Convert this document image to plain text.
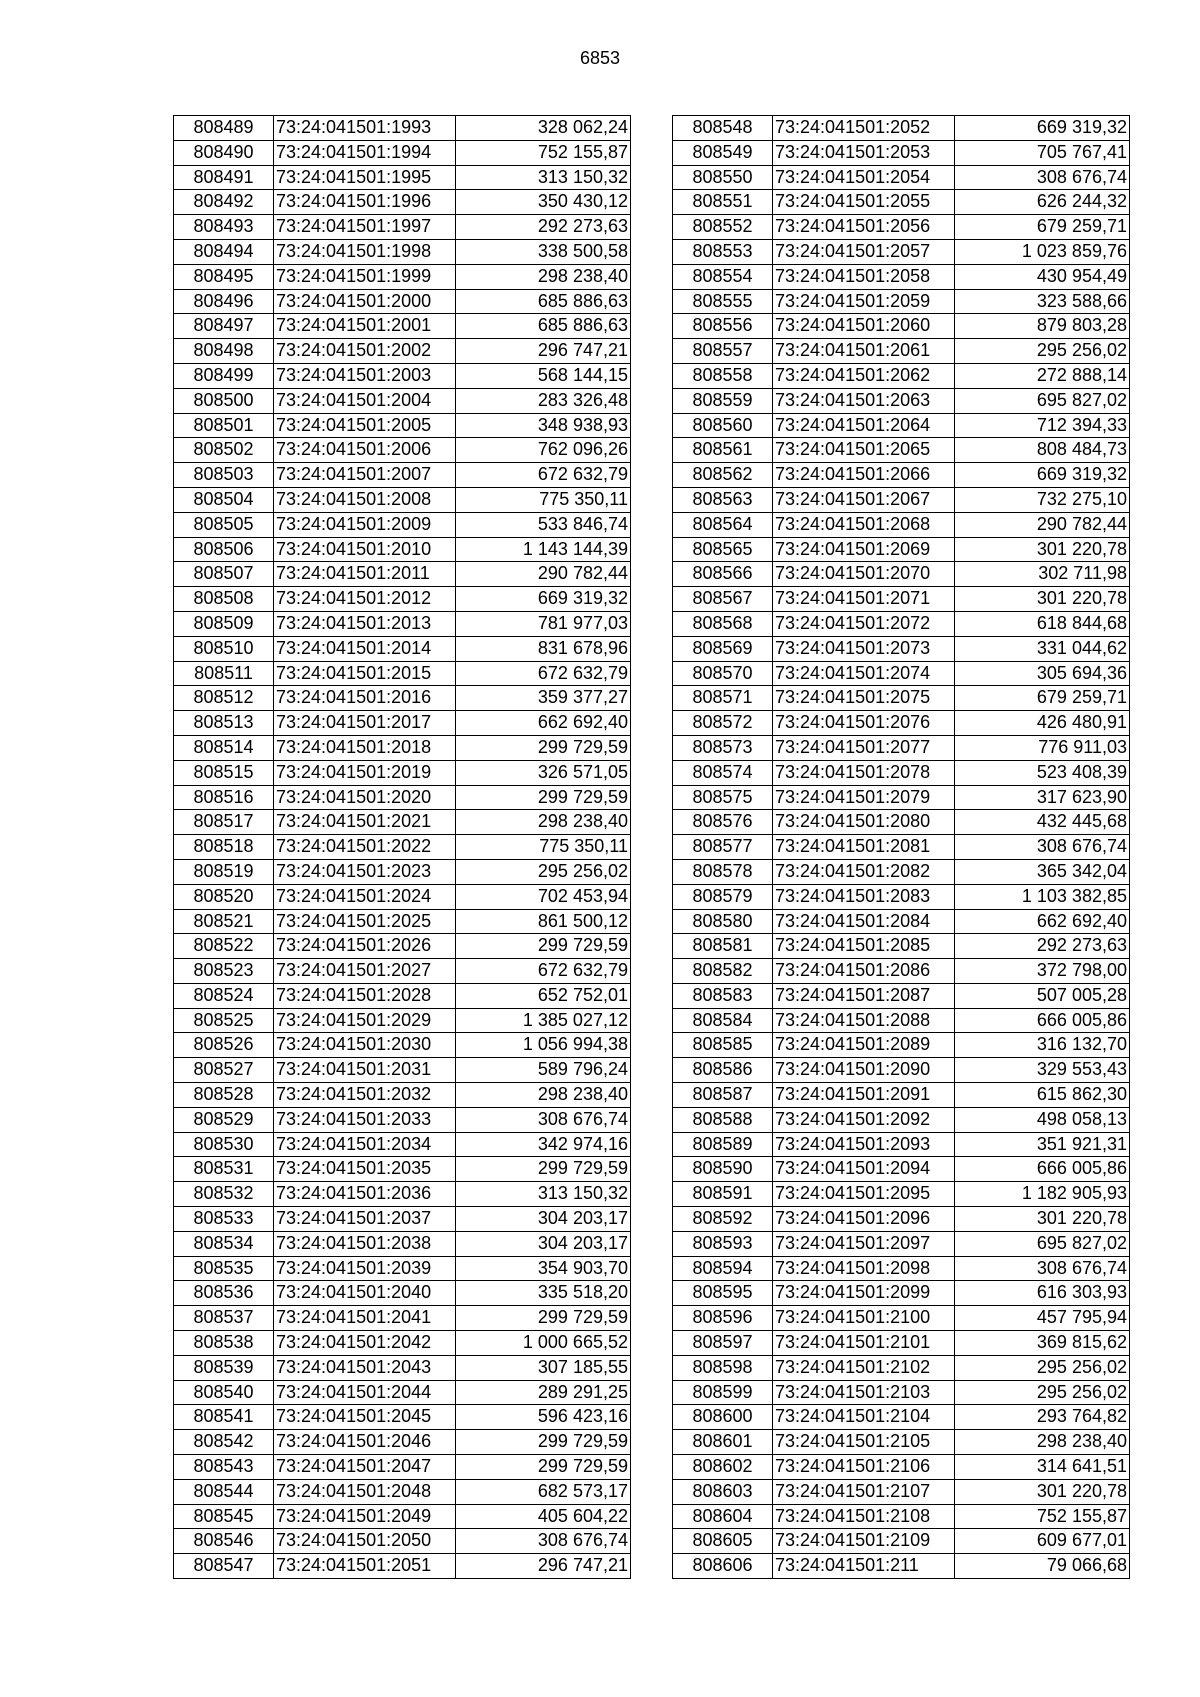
6853
808489	73:24:041501:1993	328 062,24
808490	73:24:041501:1994	752 155,87
808491	73:24:041501:1995	313 150,32
808492	73:24:041501:1996	350 430,12
808493	73:24:041501:1997	292 273,63
808494	73:24:041501:1998	338 500,58
808495	73:24:041501:1999	298 238,40
808496	73:24:041501:2000	685 886,63
808497	73:24:041501:2001	685 886,63
808498	73:24:041501:2002	296 747,21
808499	73:24:041501:2003	568 144,15
808500	73:24:041501:2004	283 326,48
808501	73:24:041501:2005	348 938,93
808502	73:24:041501:2006	762 096,26
808503	73:24:041501:2007	672 632,79
808504	73:24:041501:2008	775 350,11
808505	73:24:041501:2009	533 846,74
808506	73:24:041501:2010	1 143 144,39
808507	73:24:041501:2011	290 782,44
808508	73:24:041501:2012	669 319,32
808509	73:24:041501:2013	781 977,03
808510	73:24:041501:2014	831 678,96
808511	73:24:041501:2015	672 632,79
808512	73:24:041501:2016	359 377,27
808513	73:24:041501:2017	662 692,40
808514	73:24:041501:2018	299 729,59
808515	73:24:041501:2019	326 571,05
808516	73:24:041501:2020	299 729,59
808517	73:24:041501:2021	298 238,40
808518	73:24:041501:2022	775 350,11
808519	73:24:041501:2023	295 256,02
808520	73:24:041501:2024	702 453,94
808521	73:24:041501:2025	861 500,12
808522	73:24:041501:2026	299 729,59
808523	73:24:041501:2027	672 632,79
808524	73:24:041501:2028	652 752,01
808525	73:24:041501:2029	1 385 027,12
808526	73:24:041501:2030	1 056 994,38
808527	73:24:041501:2031	589 796,24
808528	73:24:041501:2032	298 238,40
808529	73:24:041501:2033	308 676,74
808530	73:24:041501:2034	342 974,16
808531	73:24:041501:2035	299 729,59
808532	73:24:041501:2036	313 150,32
808533	73:24:041501:2037	304 203,17
808534	73:24:041501:2038	304 203,17
808535	73:24:041501:2039	354 903,70
808536	73:24:041501:2040	335 518,20
808537	73:24:041501:2041	299 729,59
808538	73:24:041501:2042	1 000 665,52
808539	73:24:041501:2043	307 185,55
808540	73:24:041501:2044	289 291,25
808541	73:24:041501:2045	596 423,16
808542	73:24:041501:2046	299 729,59
808543	73:24:041501:2047	299 729,59
808544	73:24:041501:2048	682 573,17
808545	73:24:041501:2049	405 604,22
808546	73:24:041501:2050	308 676,74
808547	73:24:041501:2051	296 747,21
808548	73:24:041501:2052	669 319,32
808549	73:24:041501:2053	705 767,41
808550	73:24:041501:2054	308 676,74
808551	73:24:041501:2055	626 244,32
808552	73:24:041501:2056	679 259,71
808553	73:24:041501:2057	1 023 859,76
808554	73:24:041501:2058	430 954,49
808555	73:24:041501:2059	323 588,66
808556	73:24:041501:2060	879 803,28
808557	73:24:041501:2061	295 256,02
808558	73:24:041501:2062	272 888,14
808559	73:24:041501:2063	695 827,02
808560	73:24:041501:2064	712 394,33
808561	73:24:041501:2065	808 484,73
808562	73:24:041501:2066	669 319,32
808563	73:24:041501:2067	732 275,10
808564	73:24:041501:2068	290 782,44
808565	73:24:041501:2069	301 220,78
808566	73:24:041501:2070	302 711,98
808567	73:24:041501:2071	301 220,78
808568	73:24:041501:2072	618 844,68
808569	73:24:041501:2073	331 044,62
808570	73:24:041501:2074	305 694,36
808571	73:24:041501:2075	679 259,71
808572	73:24:041501:2076	426 480,91
808573	73:24:041501:2077	776 911,03
808574	73:24:041501:2078	523 408,39
808575	73:24:041501:2079	317 623,90
808576	73:24:041501:2080	432 445,68
808577	73:24:041501:2081	308 676,74
808578	73:24:041501:2082	365 342,04
808579	73:24:041501:2083	1 103 382,85
808580	73:24:041501:2084	662 692,40
808581	73:24:041501:2085	292 273,63
808582	73:24:041501:2086	372 798,00
808583	73:24:041501:2087	507 005,28
808584	73:24:041501:2088	666 005,86
808585	73:24:041501:2089	316 132,70
808586	73:24:041501:2090	329 553,43
808587	73:24:041501:2091	615 862,30
808588	73:24:041501:2092	498 058,13
808589	73:24:041501:2093	351 921,31
808590	73:24:041501:2094	666 005,86
808591	73:24:041501:2095	1 182 905,93
808592	73:24:041501:2096	301 220,78
808593	73:24:041501:2097	695 827,02
808594	73:24:041501:2098	308 676,74
808595	73:24:041501:2099	616 303,93
808596	73:24:041501:2100	457 795,94
808597	73:24:041501:2101	369 815,62
808598	73:24:041501:2102	295 256,02
808599	73:24:041501:2103	295 256,02
808600	73:24:041501:2104	293 764,82
808601	73:24:041501:2105	298 238,40
808602	73:24:041501:2106	314 641,51
808603	73:24:041501:2107	301 220,78
808604	73:24:041501:2108	752 155,87
808605	73:24:041501:2109	609 677,01
808606	73:24:041501:211	79 066,68
